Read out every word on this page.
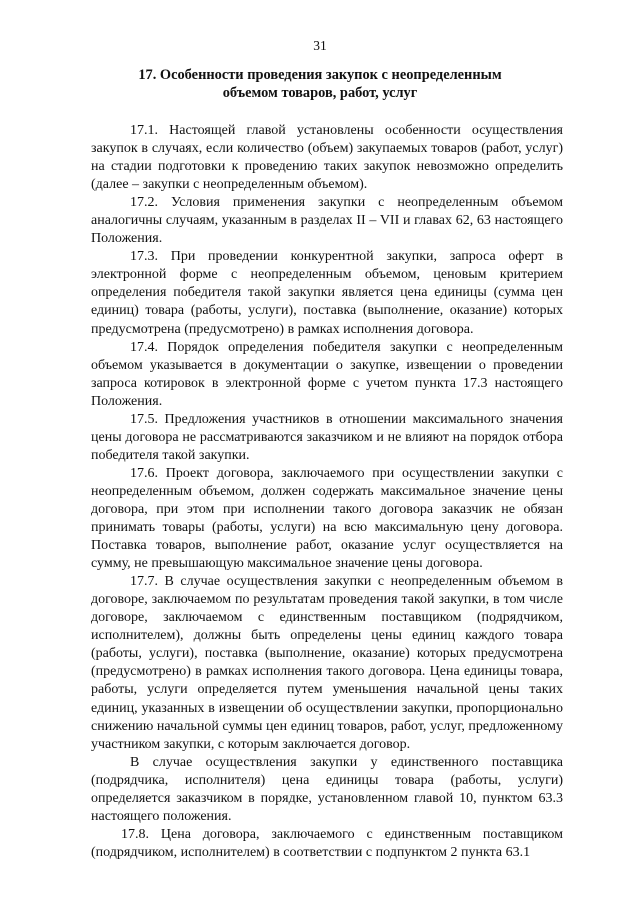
31
17. Особенности проведения закупок с неопределенным объемом товаров, работ, услуг

17.1. Настоящей главой установлены особенности осуществления закупок в случаях, если количество (объем) закупаемых товаров (работ, услуг) на стадии подготовки к проведению таких закупок невозможно определить (далее – закупки с неопределенным объемом).

17.2. Условия применения закупки с неопределенным объемом аналогичны случаям, указанным в разделах II – VII и главах 62, 63 настоящего Положения.

17.3. При проведении конкурентной закупки, запроса оферт в электронной форме с неопределенным объемом, ценовым критерием определения победителя такой закупки является цена единицы (сумма цен единиц) товара (работы, услуги), поставка (выполнение, оказание) которых предусмотрена (предусмотрено) в рамках исполнения договора.

17.4. Порядок определения победителя закупки с неопределенным объемом указывается в документации о закупке, извещении о проведении запроса котировок в электронной форме с учетом пункта 17.3 настоящего Положения.

17.5. Предложения участников в отношении максимального значения цены договора не рассматриваются заказчиком и не влияют на порядок отбора победителя такой закупки.

17.6. Проект договора, заключаемого при осуществлении закупки с неопределенным объемом, должен содержать максимальное значение цены договора, при этом при исполнении такого договора заказчик не обязан принимать товары (работы, услуги) на всю максимальную цену договора. Поставка товаров, выполнение работ, оказание услуг осуществляется на сумму, не превышающую максимальное значение цены договора.

17.7. В случае осуществления закупки с неопределенным объемом в договоре, заключаемом по результатам проведения такой закупки, в том числе договоре, заключаемом с единственным поставщиком (подрядчиком, исполнителем), должны быть определены цены единиц каждого товара (работы, услуги), поставка (выполнение, оказание) которых предусмотрена (предусмотрено) в рамках исполнения такого договора. Цена единицы товара, работы, услуги определяется путем уменьшения начальной цены таких единиц, указанных в извещении об осуществлении закупки, пропорционально снижению начальной суммы цен единиц товаров, работ, услуг, предложенному участником закупки, с которым заключается договор.

В случае осуществления закупки у единственного поставщика (подрядчика, исполнителя) цена единицы товара (работы, услуги) определяется заказчиком в порядке, установленном главой 10, пунктом 63.3 настоящего положения.

17.8. Цена договора, заключаемого с единственным поставщиком (подрядчиком, исполнителем) в соответствии с подпунктом 2 пункта 63.1
